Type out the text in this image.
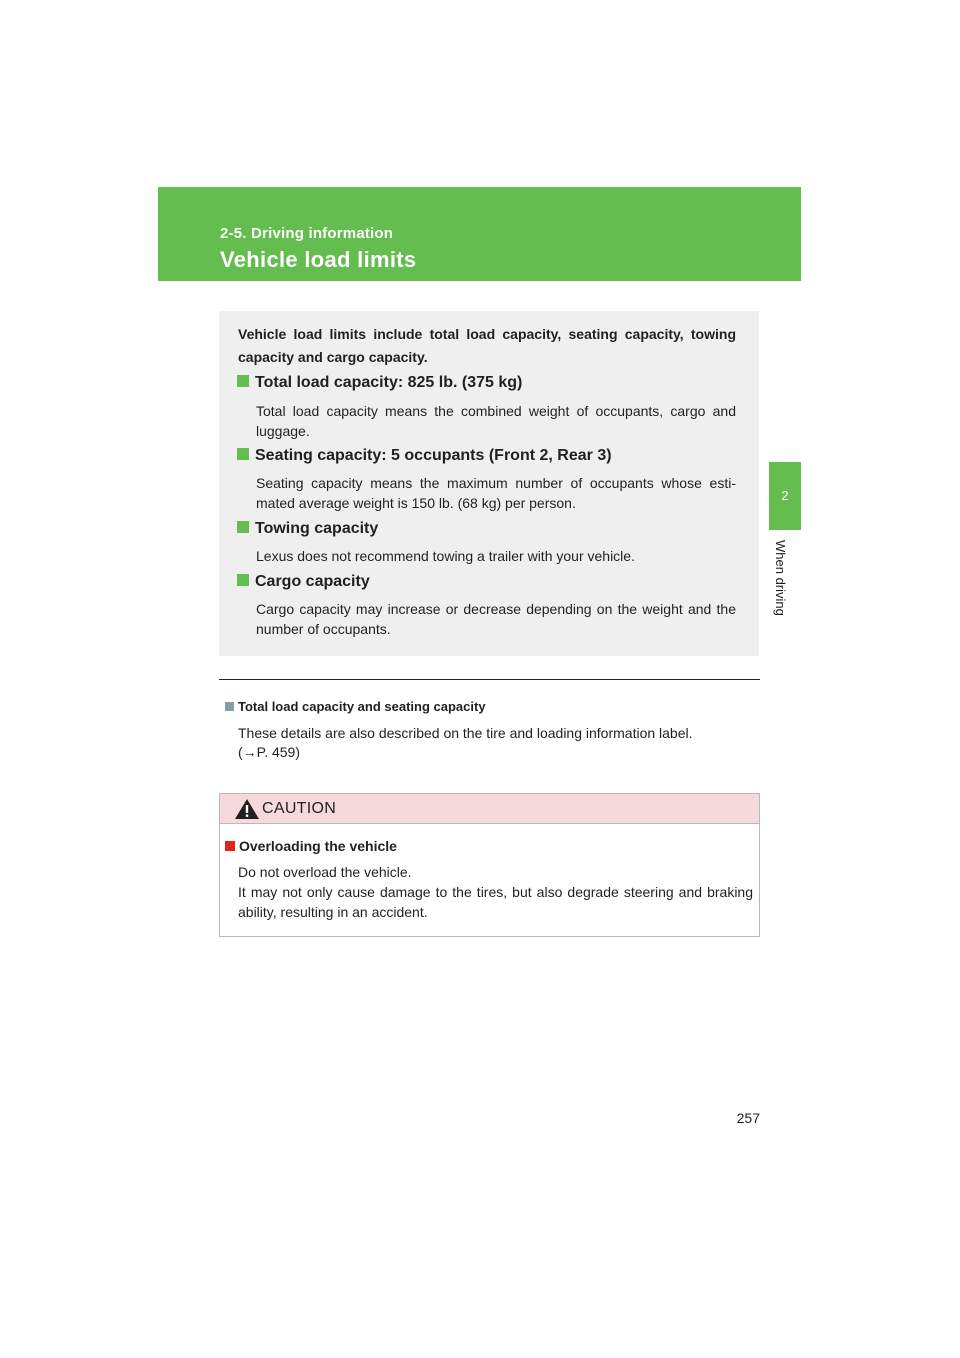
2-5. Driving information
Vehicle load limits
2
When driving
Vehicle load limits include total load capacity, seating capacity, towing capacity and cargo capacity.
Total load capacity: 825 lb. (375 kg)
Total load capacity means the combined weight of occupants, cargo and luggage.
Seating capacity: 5 occupants (Front 2, Rear 3)
Seating capacity means the maximum number of occupants whose esti-mated average weight is 150 lb. (68 kg) per person.
Towing capacity
Lexus does not recommend towing a trailer with your vehicle.
Cargo capacity
Cargo capacity may increase or decrease depending on the weight and the number of occupants.
Total load capacity and seating capacity
These details are also described on the tire and loading information label.
(→P. 459)
CAUTION
Overloading the vehicle
Do not overload the vehicle.
It may not only cause damage to the tires, but also degrade steering and braking ability, resulting in an accident.
257
